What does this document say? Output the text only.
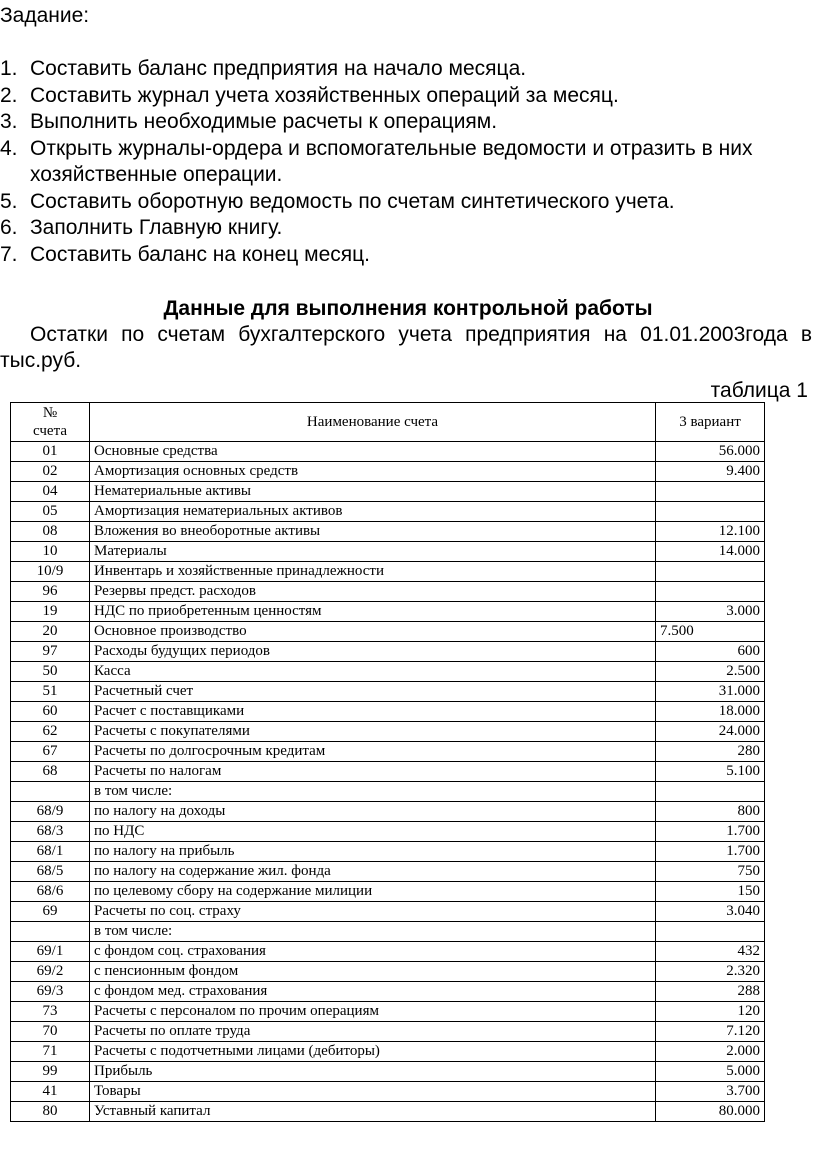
Задание:
1. Составить баланс предприятия на начало месяца.
2. Составить журнал учета хозяйственных операций за месяц.
3. Выполнить необходимые расчеты к операциям.
4. Открыть журналы-ордера и вспомогательные ведомости и отразить в них хозяйственные операции.
5. Составить оборотную ведомость по счетам синтетического учета.
6. Заполнить Главную книгу.
7. Составить баланс на конец месяц.
Данные для выполнения контрольной работы
Остатки по счетам бухгалтерского учета предприятия на 01.01.2003года в тыс.руб.
таблица 1
№ счета	Наименование счета	3 вариант
01	Основные средства	56.000
02	Амортизация основных средств	9.400
04	Нематериальные активы	
05	Амортизация нематериальных активов	
08	Вложения во внеоборотные активы	12.100
10	Материалы	14.000
10/9	Инвентарь и хозяйственные принадлежности	
96	Резервы предст. расходов	
19	НДС по приобретенным ценностям	3.000
20	Основное производство	7.500
97	Расходы будущих периодов	600
50	Касса	2.500
51	Расчетный счет	31.000
60	Расчет с поставщиками	18.000
62	Расчеты с покупателями	24.000
67	Расчеты по долгосрочным кредитам	280
68	Расчеты по налогам	5.100
	в том числе:	
68/9	по налогу на доходы	800
68/3	по НДС	1.700
68/1	по налогу на прибыль	1.700
68/5	по налогу на содержание жил. фонда	750
68/6	по целевому сбору на содержание милиции	150
69	Расчеты по соц. страху	3.040
	в том числе:	
69/1	с фондом соц. страхования	432
69/2	с пенсионным фондом	2.320
69/3	с фондом мед. страхования	288
73	Расчеты с персоналом по прочим операциям	120
70	Расчеты по оплате труда	7.120
71	Расчеты с подотчетными лицами (дебиторы)	2.000
99	Прибыль	5.000
41	Товары	3.700
80	Уставный капитал	80.000
